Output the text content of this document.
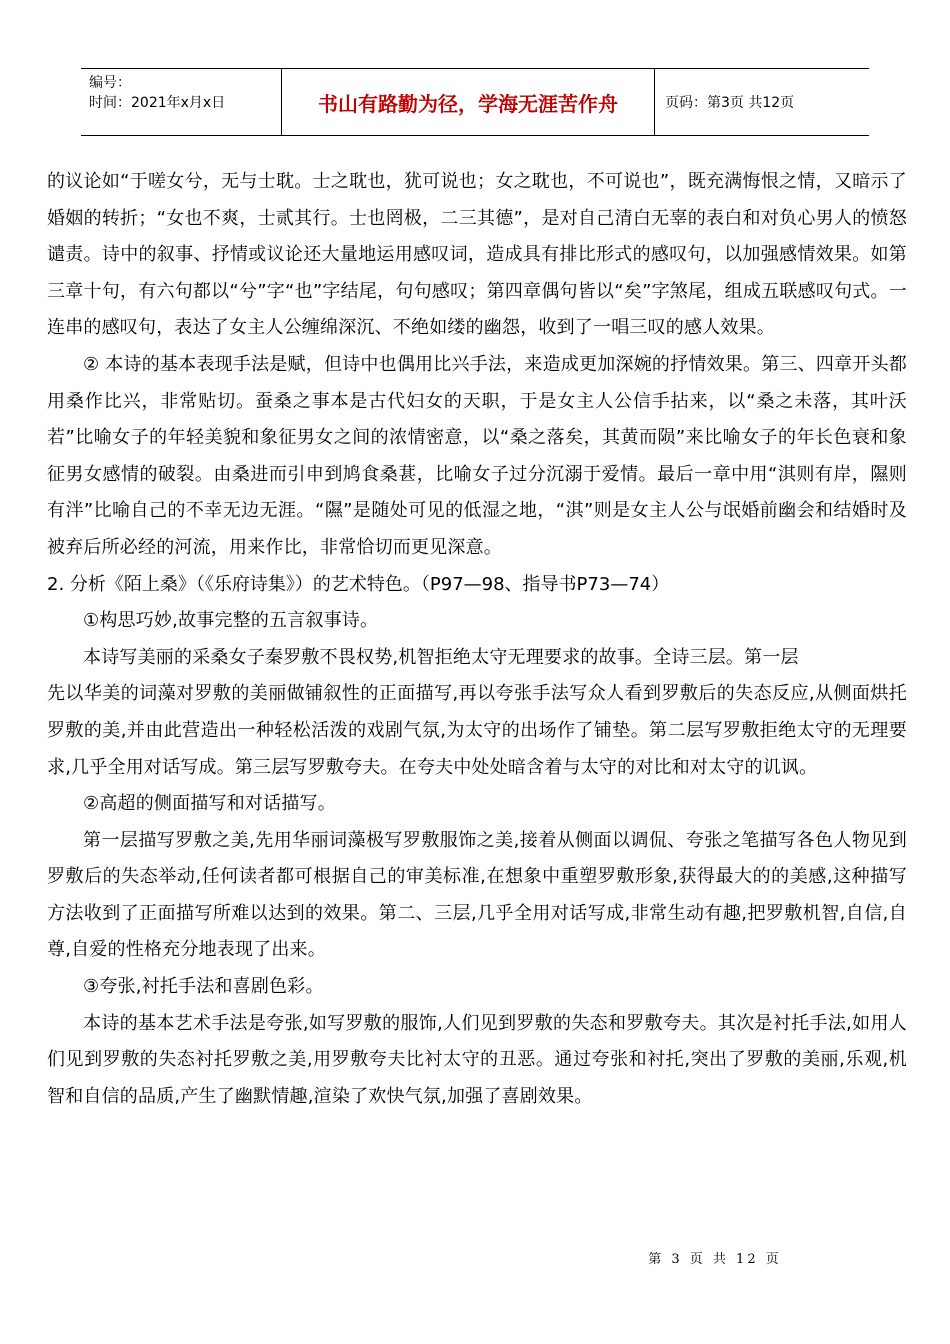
编号：
时间：2021年x月x日	书山有路勤为径，学海无涯苦作舟	页码：第3页 共12页

的议论如“于嗟女兮，无与士耽。士之耽也，犹可说也；女之耽也，不可说也”，既充满悔恨之情，又暗示了婚姻的转折；“女也不爽，士贰其行。士也罔极，二三其德”，是对自己清白无辜的表白和对负心男人的愤怒谴责。诗中的叙事、抒情或议论还大量地运用感叹词，造成具有排比形式的感叹句，以加强感情效果。如第三章十句，有六句都以“兮”字“也”字结尾，句句感叹；第四章偶句皆以“矣”字煞尾，组成五联感叹句式。一连串的感叹句，表达了女主人公缠绵深沉、不绝如缕的幽怨，收到了一唱三叹的感人效果。

② 本诗的基本表现手法是赋，但诗中也偶用比兴手法，来造成更加深婉的抒情效果。第三、四章开头都用桑作比兴，非常贴切。蚕桑之事本是古代妇女的天职，于是女主人公信手拈来，以“桑之未落，其叶沃若”比喻女子的年轻美貌和象征男女之间的浓情密意，以“桑之落矣，其黄而陨”来比喻女子的年长色衰和象征男女感情的破裂。由桑进而引申到鸠食桑葚，比喻女子过分沉溺于爱情。最后一章中用“淇则有岸，隰则有泮”比喻自己的不幸无边无涯。“隰”是随处可见的低湿之地，“淇”则是女主人公与氓婚前幽会和结婚时及被弃后所必经的河流，用来作比，非常恰切而更见深意。

2. 分析《陌上桑》（《乐府诗集》）的艺术特色。（P97—98、指导书P73—74）

①构思巧妙,故事完整的五言叙事诗。

本诗写美丽的采桑女子秦罗敷不畏权势,机智拒绝太守无理要求的故事。全诗三层。第一层

先以华美的词藻对罗敷的美丽做铺叙性的正面描写,再以夸张手法写众人看到罗敷后的失态反应,从侧面烘托罗敷的美,并由此营造出一种轻松活泼的戏剧气氛,为太守的出场作了铺垫。第二层写罗敷拒绝太守的无理要求,几乎全用对话写成。第三层写罗敷夸夫。在夸夫中处处暗含着与太守的对比和对太守的讥讽。

②高超的侧面描写和对话描写。

第一层描写罗敷之美,先用华丽词藻极写罗敷服饰之美,接着从侧面以调侃、夸张之笔描写各色人物见到罗敷后的失态举动,任何读者都可根据自己的审美标准,在想象中重塑罗敷形象,获得最大的的美感,这种描写方法收到了正面描写所难以达到的效果。第二、三层,几乎全用对话写成,非常生动有趣,把罗敷机智,自信,自尊,自爱的性格充分地表现了出来。

③夸张,衬托手法和喜剧色彩。

本诗的基本艺术手法是夸张,如写罗敷的服饰,人们见到罗敷的失态和罗敷夸夫。其次是衬托手法,如用人们见到罗敷的失态衬托罗敷之美,用罗敷夸夫比衬太守的丑恶。通过夸张和衬托,突出了罗敷的美丽,乐观,机智和自信的品质,产生了幽默情趣,渲染了欢快气氛,加强了喜剧效果。

第 3 页 共 12 页
